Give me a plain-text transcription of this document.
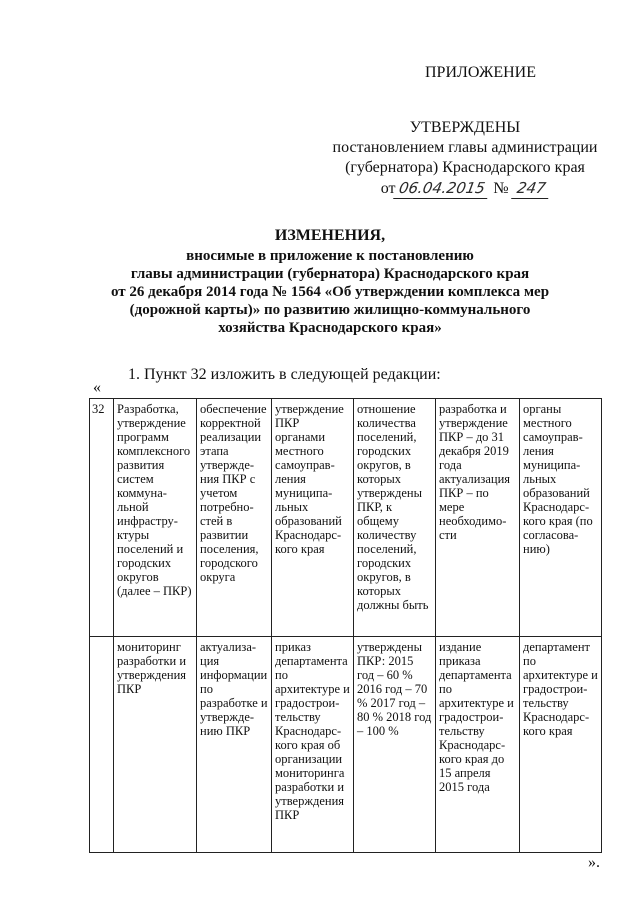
ПРИЛОЖЕНИЕ
УТВЕРЖДЕНЫ
постановлением главы администрации
(губернатора) Краснодарского края
от 06.04.2015 № 247
ИЗМЕНЕНИЯ,
вносимые в приложение к постановлению
главы администрации (губернатора) Краснодарского края
от 26 декабря 2014 года № 1564 «Об утверждении комплекса мер
(дорожной карты)» по развитию жилищно-коммунального
хозяйства Краснодарского края»
1. Пункт 32 изложить в следующей редакции:
«
32	Разработка, утверждение программ комплексного развития систем коммуна-льной инфрастру-ктуры поселений и городских округов (далее – ПКР)	обеспечение корректной реализации этапа утвержде-ния ПКР с учетом потребно-стей в развитии поселения, городского округа	утверждение ПКР органами местного самоуправ-ления муниципа-льных образований Краснодарс-кого края	отношение количества поселений, городских округов, в которых утверждены ПКР, к общему количеству поселений, городских округов, в которых должны быть	разработка и утверждение ПКР – до 31 декабря 2019 года актуализация ПКР – по мере необходимо-сти	органы местного самоуправ-ления муниципа-льных образований Краснодарс-кого края (по согласова-нию)
	мониторинг разработки и утверждения ПКР	актуализа-ция информации по разработке и утвержде-нию ПКР	приказ департамента по архитектуре и градострои-тельству Краснодарс-кого края об организации мониторинга разработки и утверждения ПКР	утверждены ПКР: 2015 год – 60 % 2016 год – 70 % 2017 год – 80 % 2018 год – 100 %	издание приказа департамента по архитектуре и градострои-тельству Краснодарс-кого края до 15 апреля 2015 года	департамент по архитектуре и градострои-тельству Краснодарс-кого края
».
